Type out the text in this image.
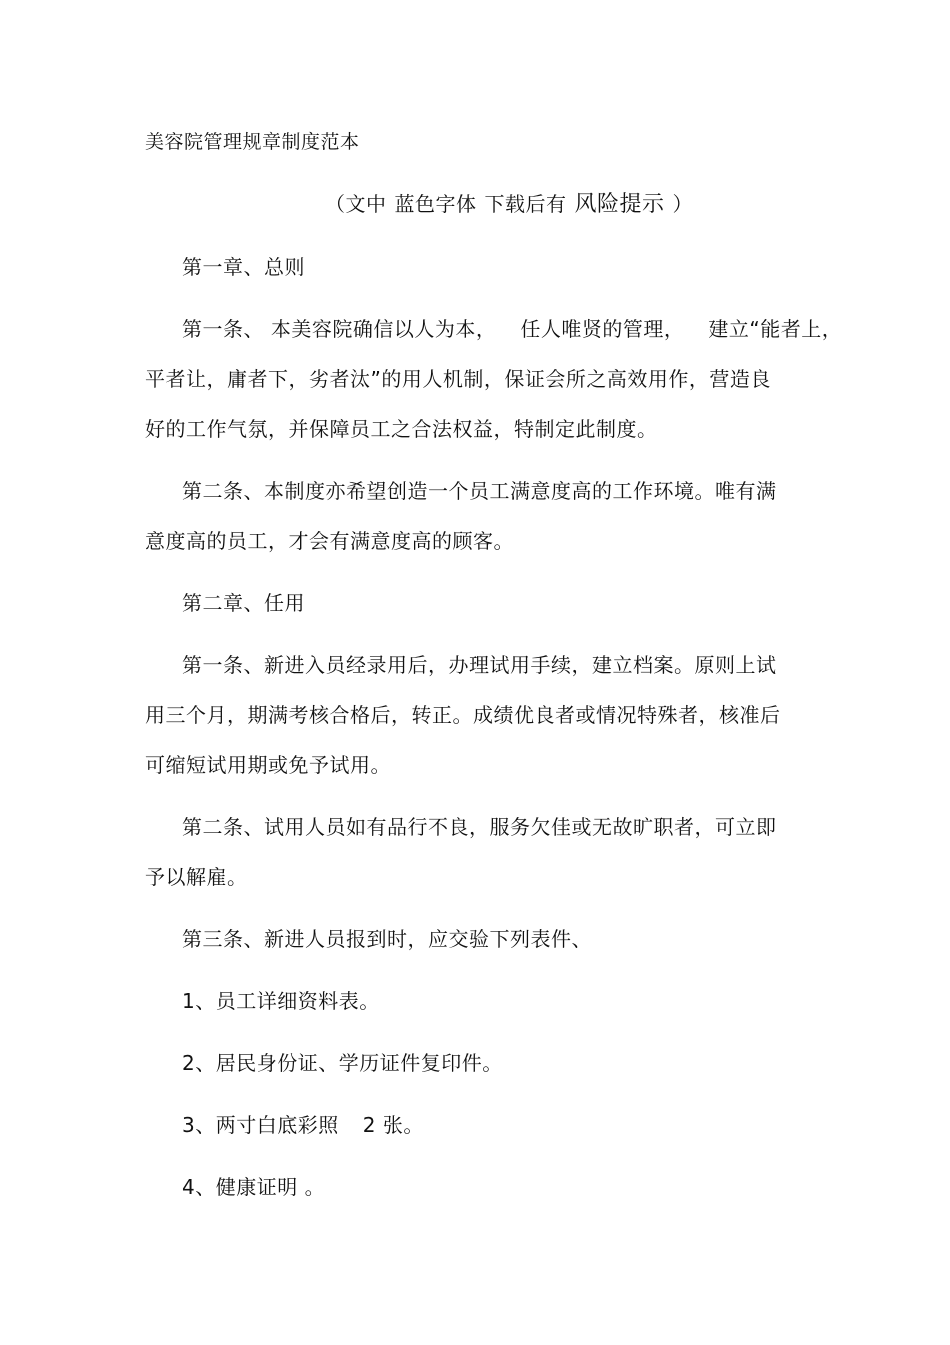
美容院管理规章制度范本
（文中 蓝色字体 下载后有 风险提示 ）
第一章、总则
第一条、 本美容院确信以人为本， 任人唯贤的管理， 建立“能者上，
平者让，庸者下，劣者汰”的用人机制，保证会所之高效用作，营造良
好的工作气氛，并保障员工之合法权益，特制定此制度。
第二条、本制度亦希望创造一个员工满意度高的工作环境。唯有满
意度高的员工，才会有满意度高的顾客。
第二章、任用
第一条、新进入员经录用后，办理试用手续，建立档案。原则上试
用三个月，期满考核合格后，转正。成绩优良者或情况特殊者，核准后
可缩短试用期或免予试用。
第二条、试用人员如有品行不良，服务欠佳或无故旷职者，可立即
予以解雇。
第三条、新进人员报到时，应交验下列表件、
1、员工详细资料表。
2、居民身份证、学历证件复印件。
3、两寸白底彩照 2 张。
4、健康证明 。
